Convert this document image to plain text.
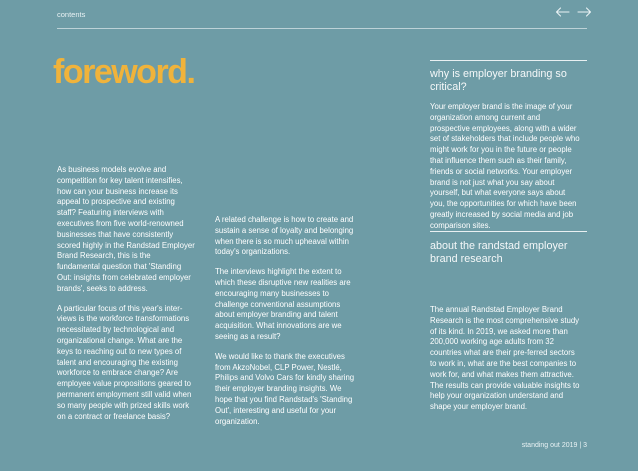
contents
foreword.

As business models evolve and competition for key talent intensifies, how can your business increase its appeal to prospective and existing staff? Featuring interviews with executives from five world-renowned businesses that have consistently scored highly in the Randstad Employer Brand Research, this is the fundamental question that 'Standing Out: insights from celebrated employer brands', seeks to address.

A particular focus of this year's inter-views is the workforce transformations necessitated by technological and organizational change. What are the keys to reaching out to new types of talent and encouraging the existing workforce to embrace change? Are employee value propositions geared to permanent employment still valid when so many people with prized skills work on a contract or freelance basis?

A related challenge is how to create and sustain a sense of loyalty and belonging when there is so much upheaval within today's organizations.

The interviews highlight the extent to which these disruptive new realities are encouraging many businesses to challenge conventional assumptions about employer branding and talent acquisition. What innovations are we seeing as a result?

We would like to thank the executives from AkzoNobel, CLP Power, Nestlé, Philips and Volvo Cars for kindly sharing their employer branding insights. We hope that you find Randstad's 'Standing Out', interesting and useful for your organization.

why is employer branding so critical?

Your employer brand is the image of your organization among current and prospective employees, along with a wider set of stakeholders that include people who might work for you in the future or people that influence them such as their family, friends or social networks. Your employer brand is not just what you say about yourself, but what everyone says about you, the opportunities for which have been greatly increased by social media and job comparison sites.

about the randstad employer brand research

The annual Randstad Employer Brand Research is the most comprehensive study of its kind. In 2019, we asked more than 200,000 working age adults from 32 countries what are their pre-ferred sectors to work in, what are the best companies to work for, and what makes them attractive. The results can provide valuable insights to help your organization understand and shape your employer brand.

standing out 2019 | 3
